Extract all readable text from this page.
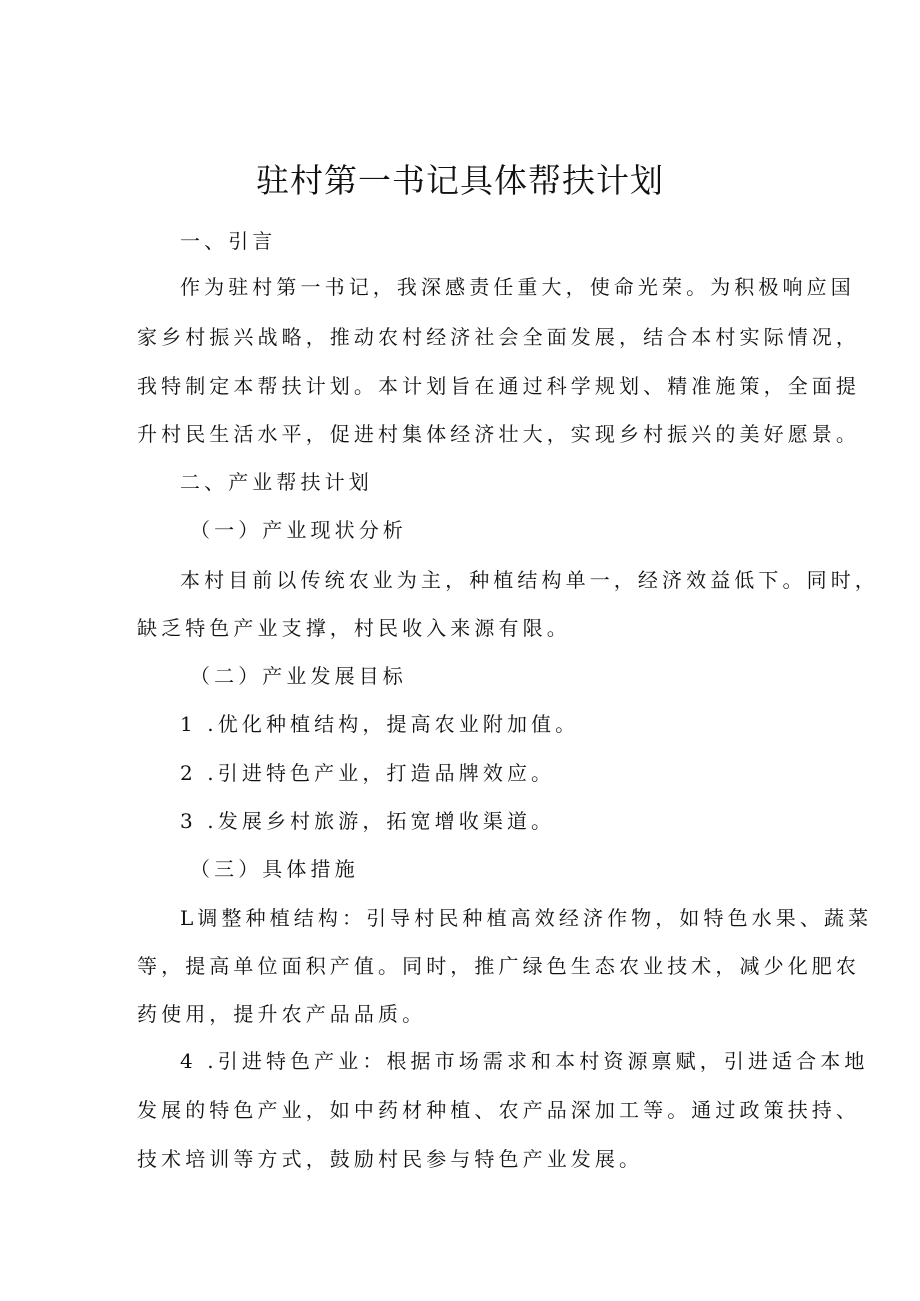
驻村第一书记具体帮扶计划

一、引言

作为驻村第一书记，我深感责任重大，使命光荣。为积极响应国

家乡村振兴战略，推动农村经济社会全面发展，结合本村实际情况，

我特制定本帮扶计划。本计划旨在通过科学规划、精准施策，全面提

升村民生活水平，促进村集体经济壮大，实现乡村振兴的美好愿景。

二、产业帮扶计划

（一）产业现状分析

本村目前以传统农业为主，种植结构单一，经济效益低下。同时，

缺乏特色产业支撑，村民收入来源有限。

（二）产业发展目标

1 .优化种植结构，提高农业附加值。

2 .引进特色产业，打造品牌效应。

3 .发展乡村旅游，拓宽增收渠道。

（三）具体措施

L调整种植结构：引导村民种植高效经济作物，如特色水果、蔬菜

等，提高单位面积产值。同时，推广绿色生态农业技术，减少化肥农

药使用，提升农产品品质。

4 .引进特色产业：根据市场需求和本村资源禀赋，引进适合本地

发展的特色产业，如中药材种植、农产品深加工等。通过政策扶持、

技术培训等方式，鼓励村民参与特色产业发展。
